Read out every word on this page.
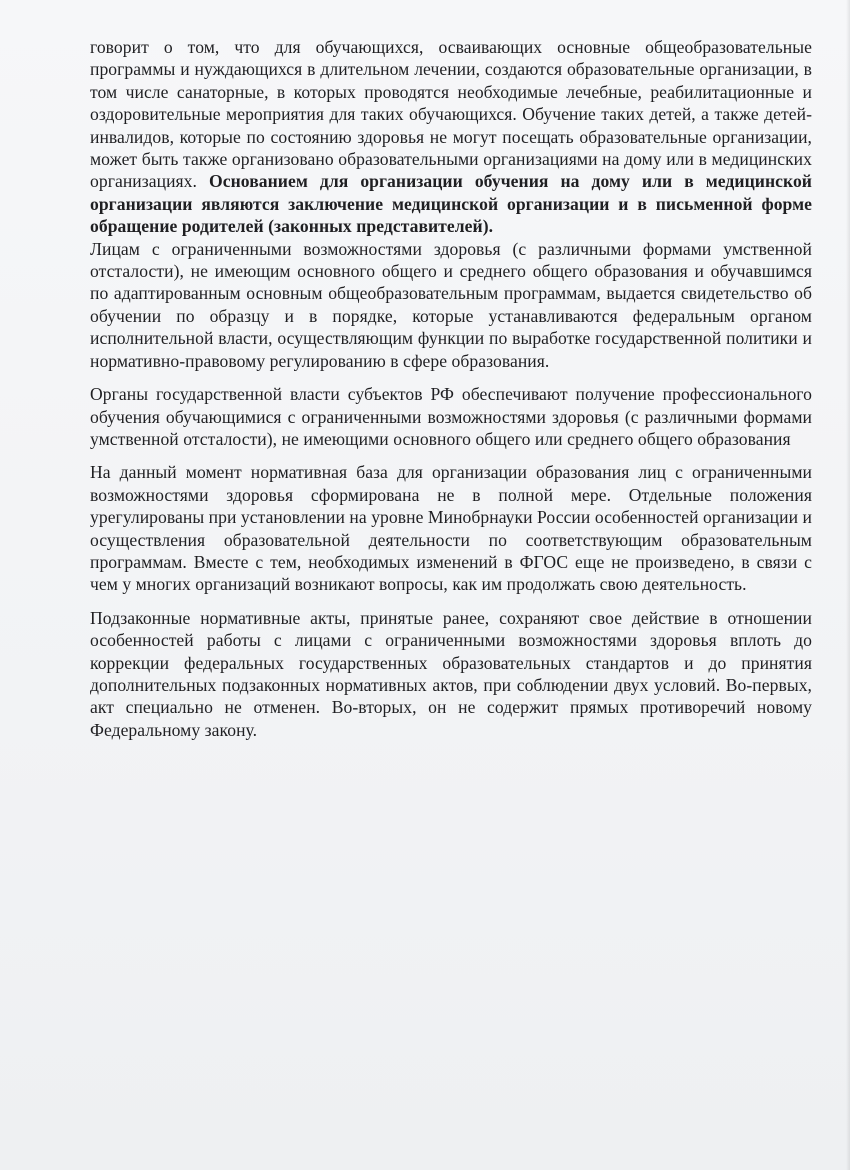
говорит о том, что для обучающихся, осваивающих основные общеобразовательные программы и нуждающихся в длительном лечении, создаются образовательные организации, в том числе санаторные, в которых проводятся необходимые лечебные, реабилитационные и оздоровительные мероприятия для таких обучающихся. Обучение таких детей, а также детей-инвалидов, которые по состоянию здоровья не могут посещать образовательные организации, может быть также организовано образовательными организациями на дому или в медицинских организациях. Основанием для организации обучения на дому или в медицинской организации являются заключение медицинской организации и в письменной форме обращение родителей (законных представителей).

Лицам с ограниченными возможностями здоровья (с различными формами умственной отсталости), не имеющим основного общего и среднего общего образования и обучавшимся по адаптированным основным общеобразовательным программам, выдается свидетельство об обучении по образцу и в порядке, которые устанавливаются федеральным органом исполнительной власти, осуществляющим функции по выработке государственной политики и нормативно-правовому регулированию в сфере образования.

Органы государственной власти субъектов РФ обеспечивают получение профессионального обучения обучающимися с ограниченными возможностями здоровья (с различными формами умственной отсталости), не имеющими основного общего или среднего общего образования

На данный момент нормативная база для организации образования лиц с ограниченными возможностями здоровья сформирована не в полной мере. Отдельные положения урегулированы при установлении на уровне Минобрнауки России особенностей организации и осуществления образовательной деятельности по соответствующим образовательным программам. Вместе с тем, необходимых изменений в ФГОС еще не произведено, в связи с чем у многих организаций возникают вопросы, как им продолжать свою деятельность.

Подзаконные нормативные акты, принятые ранее, сохраняют свое действие в отношении особенностей работы с лицами с ограниченными возможностями здоровья вплоть до коррекции федеральных государственных образовательных стандартов и до принятия дополнительных подзаконных нормативных актов, при соблюдении двух условий. Во-первых, акт специально не отменен. Во-вторых, он не содержит прямых противоречий новому Федеральному закону.
